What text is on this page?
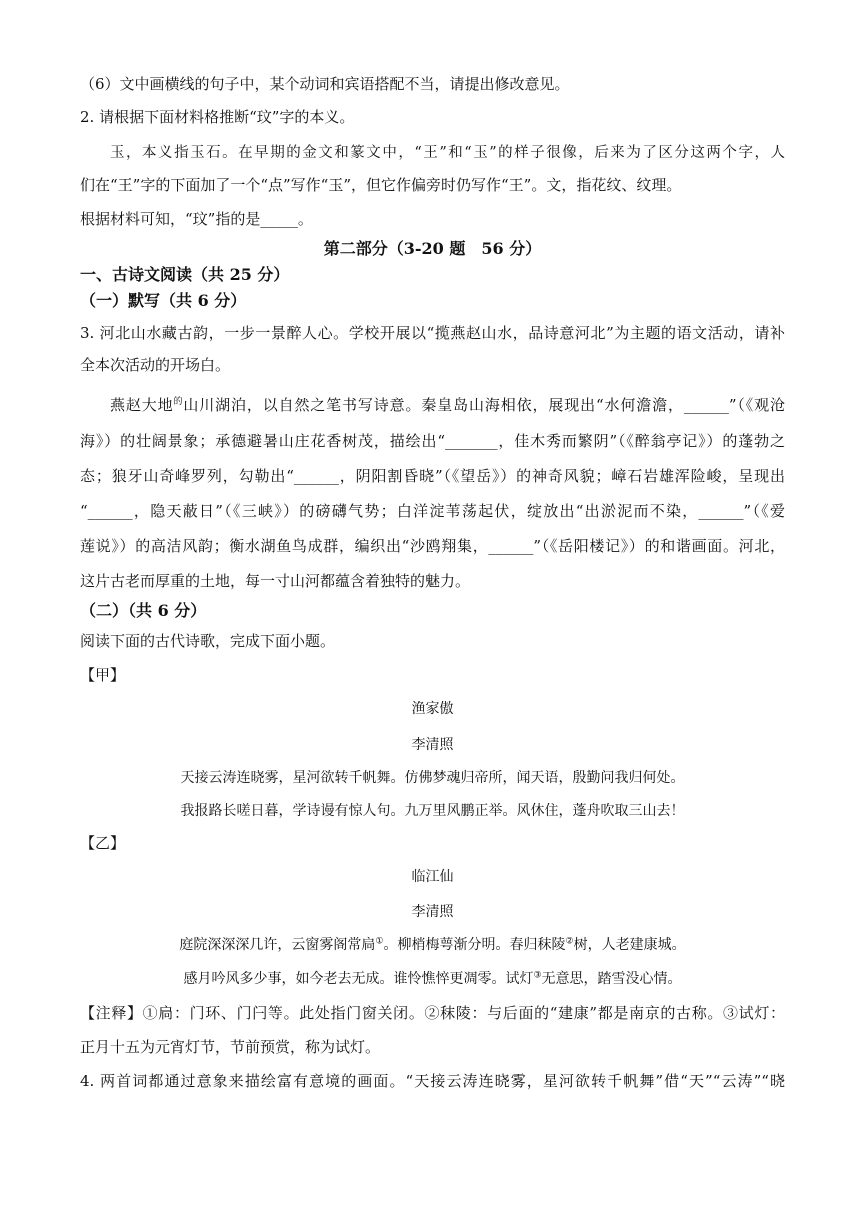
（6）文中画横线的句子中，某个动词和宾语搭配不当，请提出修改意见。
2. 请根据下面材料格推断“玟”字的本义。
玉，本义指玉石。在早期的金文和篆文中，“王”和“玉”的样子很像，后来为了区分这两个字，人
们在“王”字的下面加了一个“点”写作“玉”，但它作偏旁时仍写作“王”。文，指花纹、纹理。
根据材料可知，“玟”指的是_____。
第二部分（3-20 题　56 分）
一、古诗文阅读（共 25 分）
（一）默写（共 6 分）
3. 河北山水藏古韵，一步一景醉人心。学校开展以“揽燕赵山水，品诗意河北”为主题的语文活动，请补
全本次活动的开场白。
燕赵大地$^的$山川湖泊，以自然之笔书写诗意。秦皇岛山海相依，展现出“水何澹澹，______”（《观沧
海》）的壮阔景象；承德避暑山庄花香树茂，描绘出“_______，佳木秀而繁阴”（《醉翁亭记》）的蓬勃之
态；狼牙山奇峰罗列，勾勒出“______，阴阳割昏晓”（《望岳》）的神奇风貌；嶂石岩雄浑险峻，呈现出
“______，隐天蔽日”（《三峡》）的磅礴气势；白洋淀苇荡起伏，绽放出“出淤泥而不染，______”（《爱
莲说》）的高洁风韵；衡水湖鱼鸟成群，编织出“沙鸥翔集，______”（《岳阳楼记》）的和谐画面。河北，
这片古老而厚重的土地，每一寸山河都蕴含着独特的魅力。
（二）（共 6 分）
阅读下面的古代诗歌，完成下面小题。
【甲】
渔家傲
李清照
天接云涛连晓雾，星河欲转千帆舞。仿佛梦魂归帝所，闻天语，殷勤问我归何处。
我报路长嗟日暮，学诗谩有惊人句。九万里风鹏正举。风休住，蓬舟吹取三山去！
【乙】
临江仙
李清照
庭院深深深几许，云窗雾阁常扃①。柳梢梅萼渐分明。春归秣陵②树，人老建康城。
感月吟风多少事，如今老去无成。谁怜憔悴更凋零。试灯③无意思，踏雪没心情。
【注释】①扃：门环、门闩等。此处指门窗关闭。②秣陵：与后面的“建康”都是南京的古称。③试灯：
正月十五为元宵灯节，节前预赏，称为试灯。
4. 两首词都通过意象来描绘富有意境的画面。“天接云涛连晓雾，星河欲转千帆舞”借“天”“云涛”“晓
